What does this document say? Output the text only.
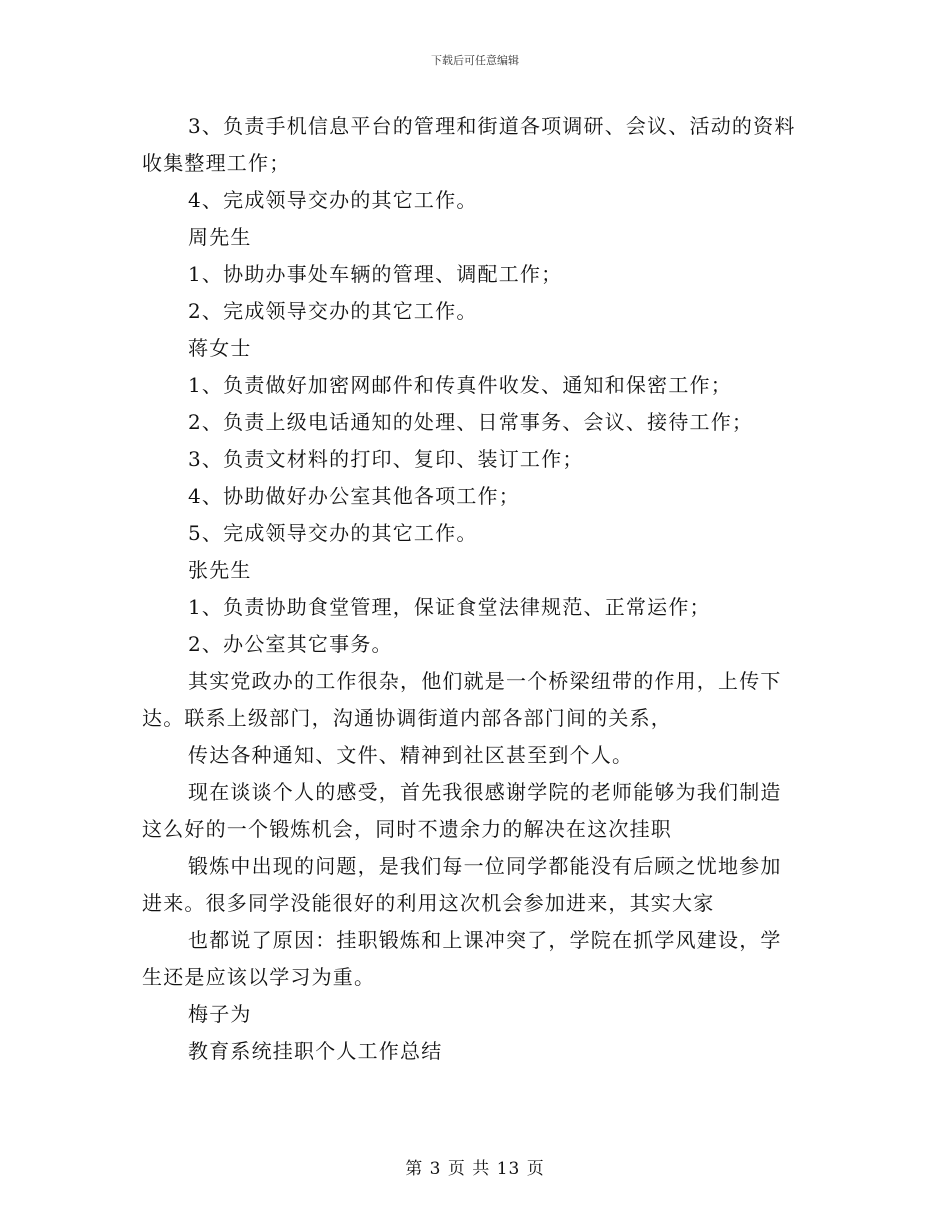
下载后可任意编辑
3、负责手机信息平台的管理和街道各项调研、会议、活动的资料
收集整理工作；
4、完成领导交办的其它工作。
周先生
1、协助办事处车辆的管理、调配工作；
2、完成领导交办的其它工作。
蒋女士
1、负责做好加密网邮件和传真件收发、通知和保密工作；
2、负责上级电话通知的处理、日常事务、会议、接待工作；
3、负责文材料的打印、复印、装订工作；
4、协助做好办公室其他各项工作；
5、完成领导交办的其它工作。
张先生
1、负责协助食堂管理，保证食堂法律规范、正常运作；
2、办公室其它事务。
其实党政办的工作很杂，他们就是一个桥梁纽带的作用，上传下
达。联系上级部门，沟通协调街道内部各部门间的关系，
传达各种通知、文件、精神到社区甚至到个人。
现在谈谈个人的感受，首先我很感谢学院的老师能够为我们制造
这么好的一个锻炼机会，同时不遗余力的解决在这次挂职
锻炼中出现的问题，是我们每一位同学都能没有后顾之忧地参加
进来。很多同学没能很好的利用这次机会参加进来，其实大家
也都说了原因：挂职锻炼和上课冲突了，学院在抓学风建设，学
生还是应该以学习为重。
梅子为
教育系统挂职个人工作总结
第 3 页 共 13 页
